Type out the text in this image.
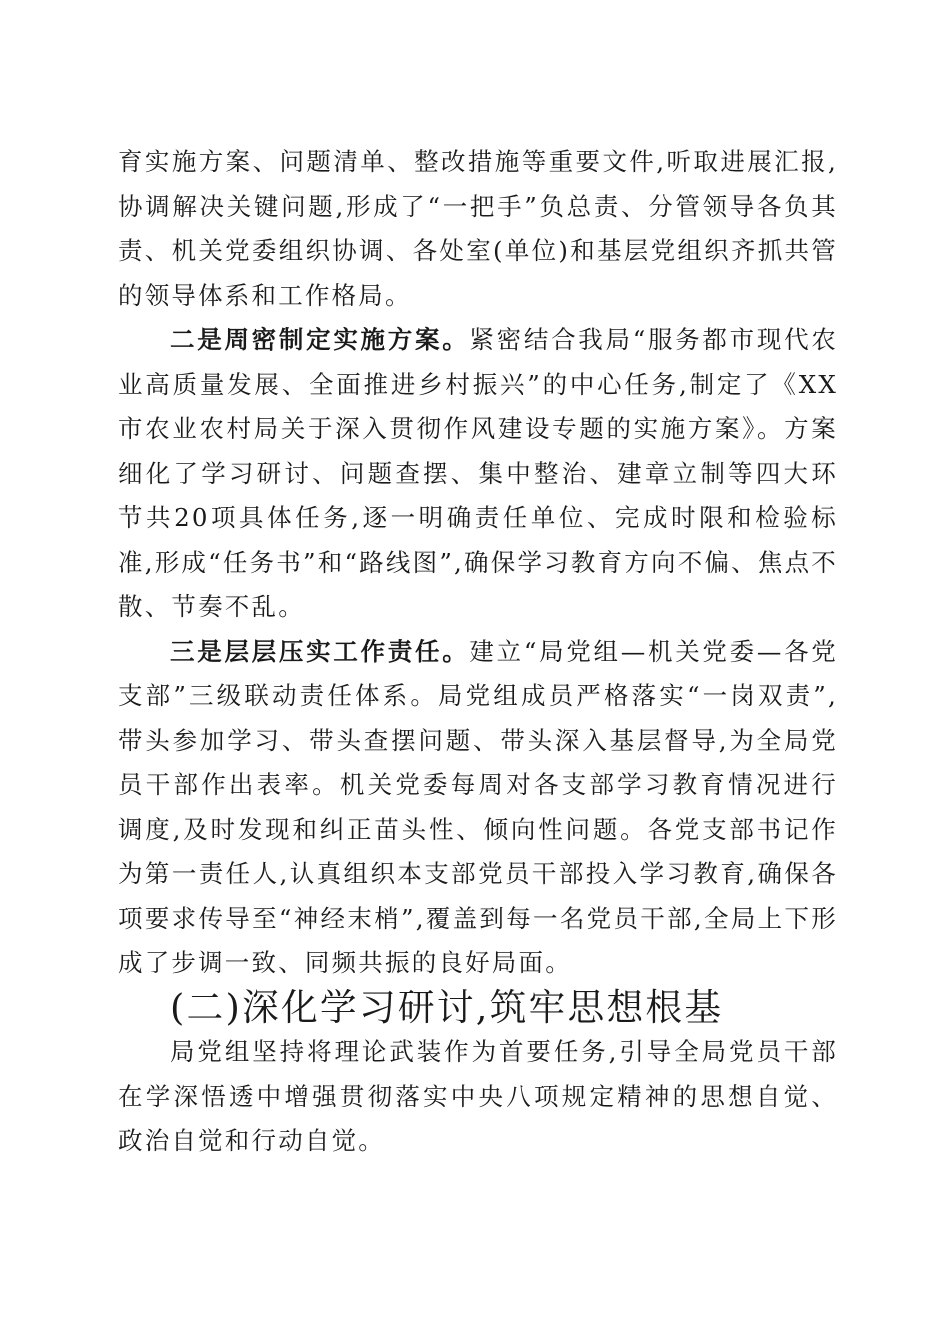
育实施方案、问题清单、整改措施等重要文件,听取进展汇报,协调解决关键问题,形成了“一把手”负总责、分管领导各负其责、机关党委组织协调、各处室(单位)和基层党组织齐抓共管的领导体系和工作格局。

二是周密制定实施方案。紧密结合我局“服务都市现代农业高质量发展、全面推进乡村振兴”的中心任务,制定了《XX市农业农村局关于深入贯彻作风建设专题的实施方案》。方案细化了学习研讨、问题查摆、集中整治、建章立制等四大环节共20项具体任务,逐一明确责任单位、完成时限和检验标准,形成“任务书”和“路线图”,确保学习教育方向不偏、焦点不散、节奏不乱。

三是层层压实工作责任。建立“局党组—机关党委—各党支部”三级联动责任体系。局党组成员严格落实“一岗双责”,带头参加学习、带头查摆问题、带头深入基层督导,为全局党员干部作出表率。机关党委每周对各支部学习教育情况进行调度,及时发现和纠正苗头性、倾向性问题。各党支部书记作为第一责任人,认真组织本支部党员干部投入学习教育,确保各项要求传导至“神经末梢”,覆盖到每一名党员干部,全局上下形成了步调一致、同频共振的良好局面。

(二)深化学习研讨,筑牢思想根基

局党组坚持将理论武装作为首要任务,引导全局党员干部在学深悟透中增强贯彻落实中央八项规定精神的思想自觉、政治自觉和行动自觉。
